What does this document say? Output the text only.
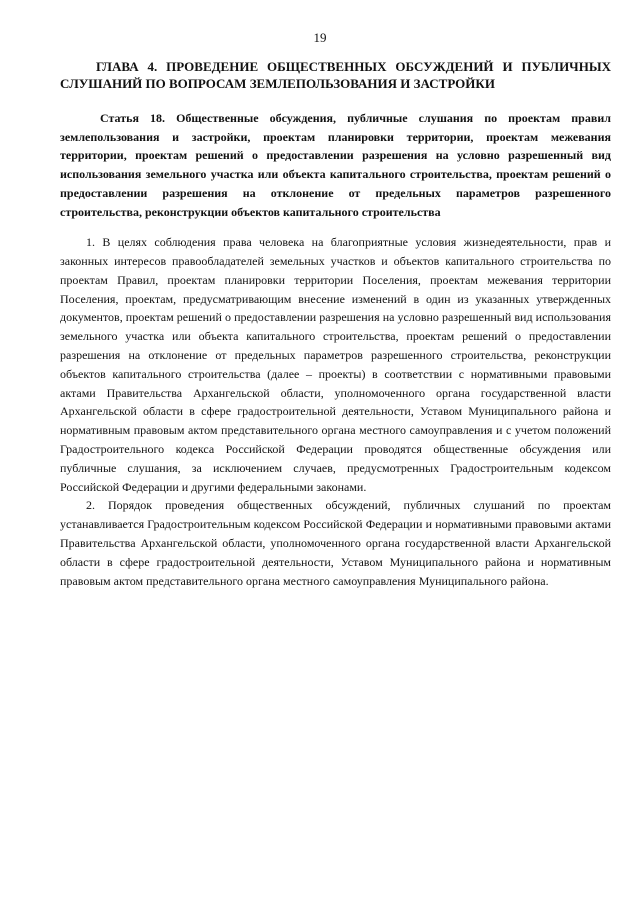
19
ГЛАВА 4. ПРОВЕДЕНИЕ ОБЩЕСТВЕННЫХ ОБСУЖДЕНИЙ И ПУБЛИЧНЫХ СЛУШАНИЙ ПО ВОПРОСАМ ЗЕМЛЕПОЛЬЗОВАНИЯ И ЗАСТРОЙКИ
Статья 18. Общественные обсуждения, публичные слушания по проектам правил землепользования и застройки, проектам планировки территории, проектам межевания территории, проектам решений о предоставлении разрешения на условно разрешенный вид использования земельного участка или объекта капитального строительства, проектам решений о предоставлении разрешения на отклонение от предельных параметров разрешенного строительства, реконструкции объектов капитального строительства

1. В целях соблюдения права человека на благоприятные условия жизнедеятельности, прав и законных интересов правообладателей земельных участков и объектов капитального строительства по проектам Правил, проектам планировки территории Поселения, проектам межевания территории Поселения, проектам, предусматривающим внесение изменений в один из указанных утвержденных документов, проектам решений о предоставлении разрешения на условно разрешенный вид использования земельного участка или объекта капитального строительства, проектам решений о предоставлении разрешения на отклонение от предельных параметров разрешенного строительства, реконструкции объектов капитального строительства (далее – проекты) в соответствии с нормативными правовыми актами Правительства Архангельской области, уполномоченного органа государственной власти Архангельской области в сфере градостроительной деятельности, Уставом Муниципального района и нормативным правовым актом представительного органа местного самоуправления и с учетом положений Градостроительного кодекса Российской Федерации проводятся общественные обсуждения или публичные слушания, за исключением случаев, предусмотренных Градостроительным кодексом Российской Федерации и другими федеральными законами.

2. Порядок проведения общественных обсуждений, публичных слушаний по проектам устанавливается Градостроительным кодексом Российской Федерации и нормативными правовыми актами Правительства Архангельской области, уполномоченного органа государственной власти Архангельской области в сфере градостроительной деятельности, Уставом Муниципального района и нормативным правовым актом представительного органа местного самоуправления Муниципального района.
